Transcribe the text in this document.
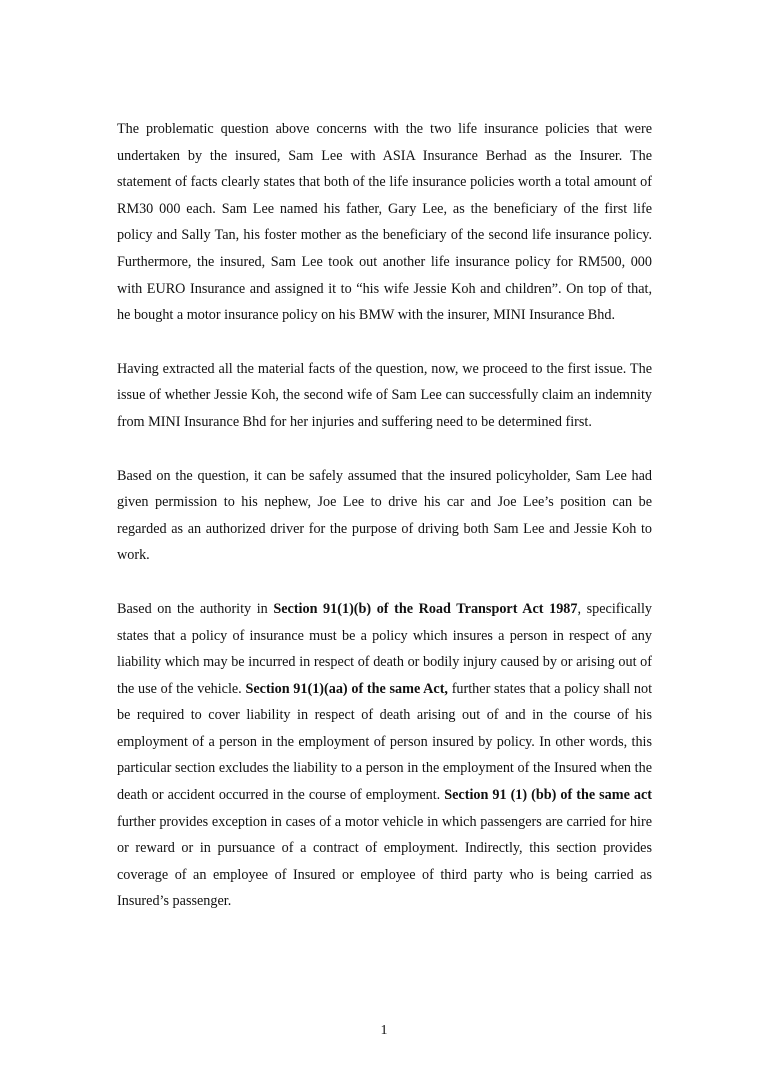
The problematic question above concerns with the two life insurance policies that were undertaken by the insured, Sam Lee with ASIA Insurance Berhad as the Insurer. The statement of facts clearly states that both of the life insurance policies worth a total amount of RM30 000 each. Sam Lee named his father, Gary Lee, as the beneficiary of the first life policy and Sally Tan, his foster mother as the beneficiary of the second life insurance policy. Furthermore, the insured, Sam Lee took out another life insurance policy for RM500, 000 with EURO Insurance and assigned it to “his wife Jessie Koh and children”. On top of that, he bought a motor insurance policy on his BMW with the insurer, MINI Insurance Bhd.

Having extracted all the material facts of the question, now, we proceed to the first issue. The issue of whether Jessie Koh, the second wife of Sam Lee can successfully claim an indemnity from MINI Insurance Bhd for her injuries and suffering need to be determined first.

Based on the question, it can be safely assumed that the insured policyholder, Sam Lee had given permission to his nephew, Joe Lee to drive his car and Joe Lee’s position can be regarded as an authorized driver for the purpose of driving both Sam Lee and Jessie Koh to work.

Based on the authority in Section 91(1)(b) of the Road Transport Act 1987, specifically states that a policy of insurance must be a policy which insures a person in respect of any liability which may be incurred in respect of death or bodily injury caused by or arising out of the use of the vehicle. Section 91(1)(aa) of the same Act, further states that a policy shall not be required to cover liability in respect of death arising out of and in the course of his employment of a person in the employment of person insured by policy. In other words, this particular section excludes the liability to a person in the employment of the Insured when the death or accident occurred in the course of employment. Section 91 (1) (bb) of the same act further provides exception in cases of a motor vehicle in which passengers are carried for hire or reward or in pursuance of a contract of employment. Indirectly, this section provides coverage of an employee of Insured or employee of third party who is being carried as Insured’s passenger.

1
